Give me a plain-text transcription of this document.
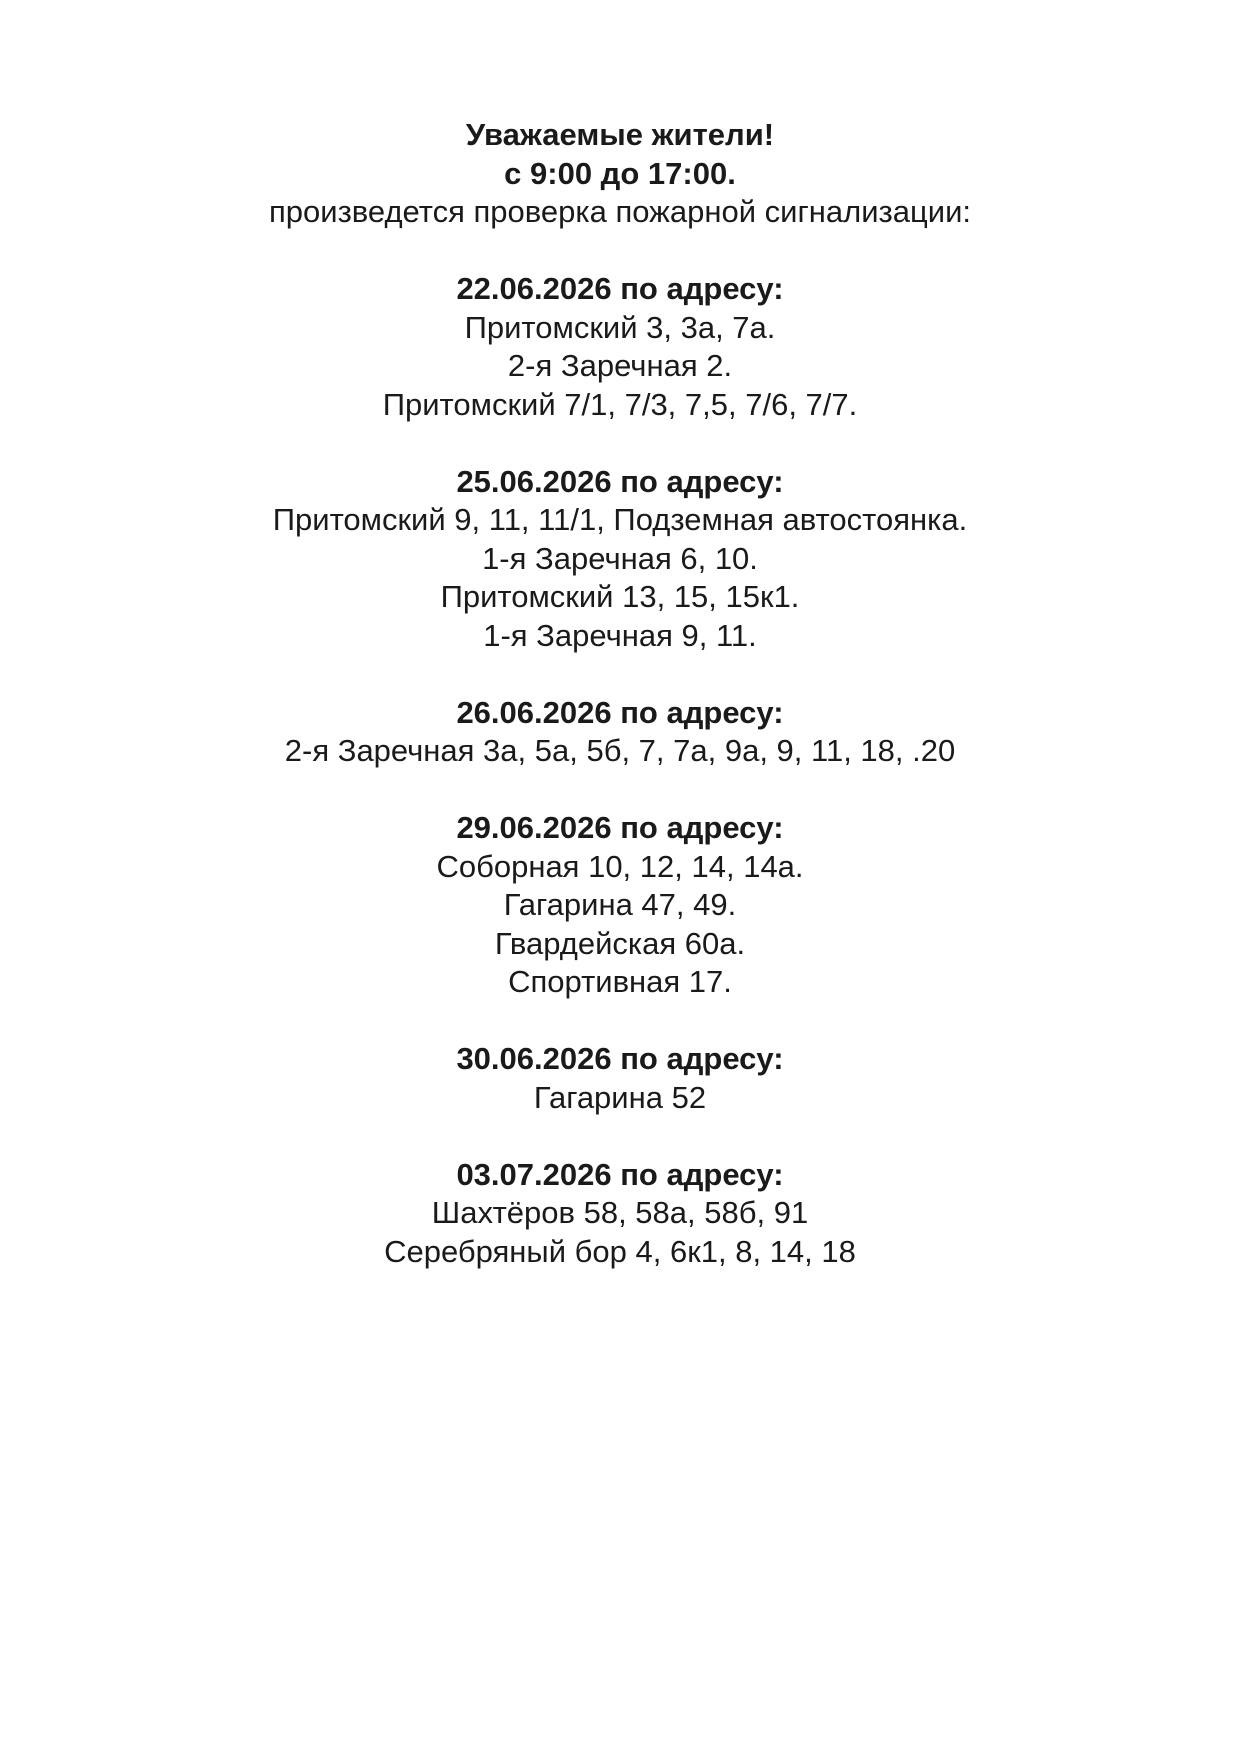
Уважаемые жители!
с 9:00 до 17:00.
произведется проверка пожарной сигнализации:
22.06.2026 по адресу:
Притомский 3, 3а, 7а.
2-я Заречная 2.
Притомский 7/1, 7/3, 7,5, 7/6, 7/7.
25.06.2026 по адресу:
Притомский 9, 11, 11/1, Подземная автостоянка.
1-я Заречная 6, 10.
Притомский 13, 15, 15к1.
1-я Заречная 9, 11.
26.06.2026 по адресу:
2-я Заречная 3а, 5а, 5б, 7, 7а, 9а, 9, 11, 18, .20
29.06.2026 по адресу:
Соборная 10, 12, 14, 14а.
Гагарина 47, 49.
Гвардейская 60а.
Спортивная 17.
30.06.2026 по адресу:
Гагарина 52
03.07.2026 по адресу:
Шахтёров 58, 58а, 58б, 91
Серебряный бор 4, 6к1, 8, 14, 18
